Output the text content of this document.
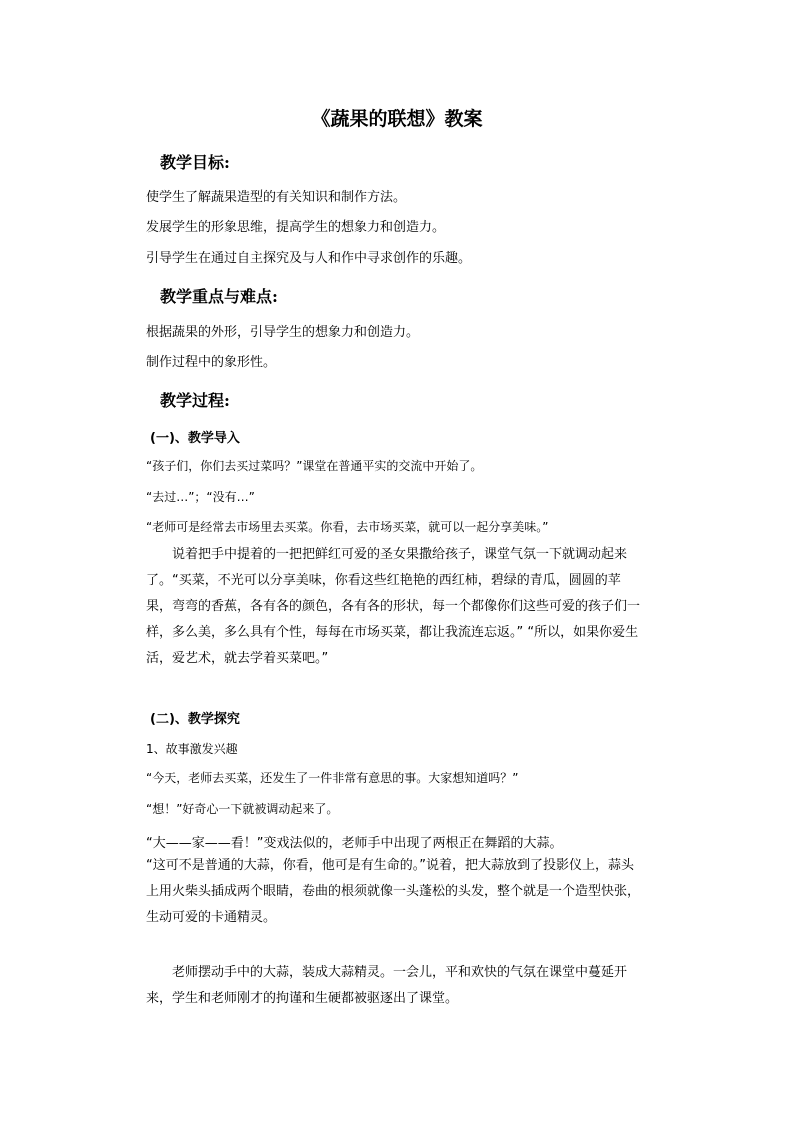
《蔬果的联想》教案
教学目标:
使学生了解蔬果造型的有关知识和制作方法。
发展学生的形象思维，提高学生的想象力和创造力。
引导学生在通过自主探究及与人和作中寻求创作的乐趣。
教学重点与难点:
根据蔬果的外形，引导学生的想象力和创造力。
制作过程中的象形性。
教学过程:
(一)、教学导入
“孩子们，你们去买过菜吗？”课堂在普通平实的交流中开始了。
“去过…”；“没有…”
“老师可是经常去市场里去买菜。你看，去市场买菜，就可以一起分享美味。”
说着把手中提着的一把把鲜红可爱的圣女果撒给孩子，课堂气氛一下就调动起来了。“买菜，不光可以分享美味，你看这些红艳艳的西红柿，碧绿的青瓜，圆圆的苹果，弯弯的香蕉，各有各的颜色，各有各的形状，每一个都像你们这些可爱的孩子们一样，多么美，多么具有个性，每每在市场买菜，都让我流连忘返。” “所以，如果你爱生活，爱艺术，就去学着买菜吧。”
(二)、教学探究
1、故事激发兴趣
“今天，老师去买菜，还发生了一件非常有意思的事。大家想知道吗？”
“想！”好奇心一下就被调动起来了。
“大——家——看！”变戏法似的，老师手中出现了两根正在舞蹈的大蒜。
“这可不是普通的大蒜，你看，他可是有生命的。”说着，把大蒜放到了投影仪上，蒜头上用火柴头插成两个眼睛，卷曲的根须就像一头蓬松的头发，整个就是一个造型快张，生动可爱的卡通精灵。
老师摆动手中的大蒜，装成大蒜精灵。一会儿，平和欢快的气氛在课堂中蔓延开来，学生和老师刚才的拘谨和生硬都被驱逐出了课堂。
